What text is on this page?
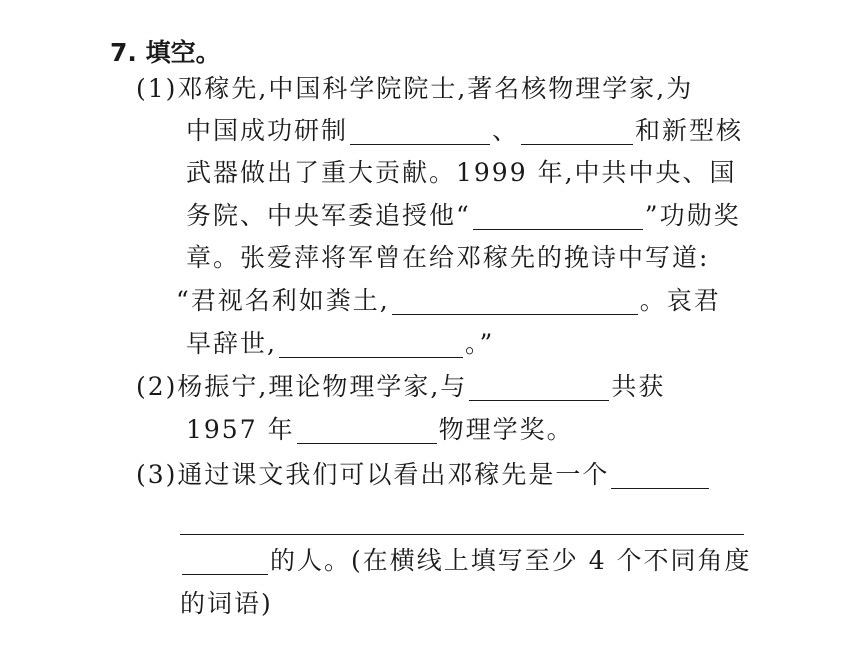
7. 填空。
(1)邓稼先,中国科学院院士,著名核物理学家,为
中国成功研制	、	和新型核
武器做出了重大贡献。1999 年,中共中央、国
务院、中央军委追授他“	”功勋奖
章。张爱萍将军曾在给邓稼先的挽诗中写道:
“君视名利如粪土,	。哀君
早辞世,	。”
(2)杨振宁,理论物理学家,与	共获
1957 年	物理学奖。
(3)通过课文我们可以看出邓稼先是一个
的人。(在横线上填写至少 4 个不同角度
的词语)
